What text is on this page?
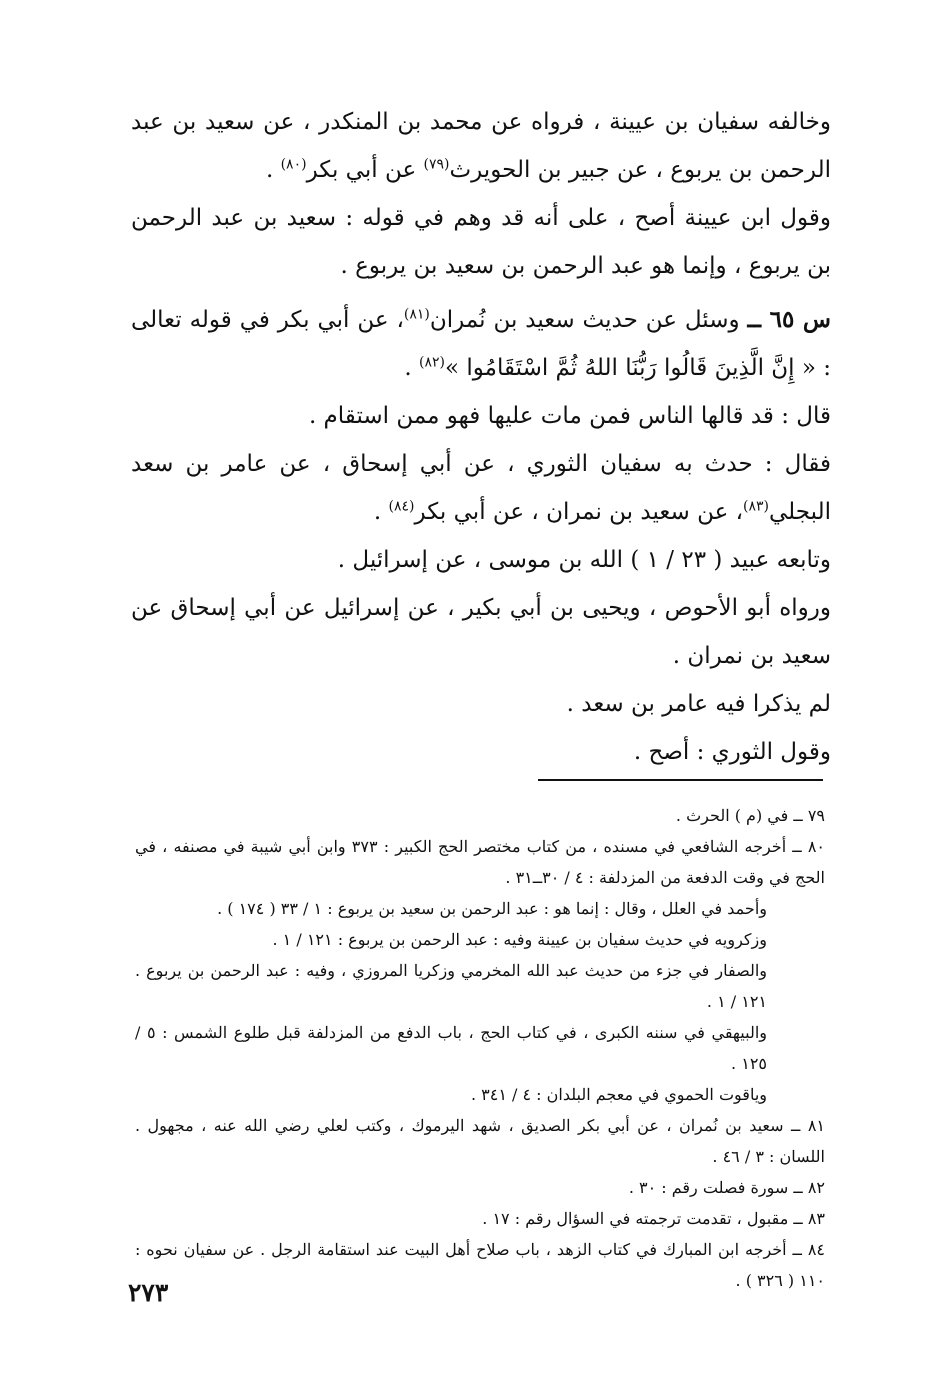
وخالفه سفيان بن عيينة ، فرواه عن محمد بن المنكدر ، عن سعيد بن عبد الرحمن بن يربوع ، عن جبير بن الحويرث$^{(٧٩)}$ عن أبي بكر$^{(٨٠)}$ .

وقول ابن عيينة أصح ، على أنه قد وهم في قوله : سعيد بن عبد الرحمن بن يربوع ، وإنما هو عبد الرحمن بن سعيد بن يربوع .

س ٦٥ ــ وسئل عن حديث سعيد بن نُمران$^{(٨١)}$، عن أبي بكر في قوله تعالى : « إِنَّ الَّذِينَ قَالُوا رَبُّنَا اللهُ ثُمَّ اسْتَقَامُوا »$^{(٨٢)}$ .

قال : قد قالها الناس فمن مات عليها فهو ممن استقام .

فقال : حدث به سفيان الثوري ، عن أبي إسحاق ، عن عامر بن سعد البجلي$^{(٨٣)}$، عن سعيد بن نمران ، عن أبي بكر$^{(٨٤)}$ .

وتابعه عبيد ( ٢٣ / ١ ) الله بن موسى ، عن إسرائيل .

ورواه أبو الأحوص ، ويحيى بن أبي بكير ، عن إسرائيل عن أبي إسحاق عن سعيد بن نمران .

لم يذكرا فيه عامر بن سعد .

وقول الثوري : أصح .

٧٩ ــ في (م ) الحرث .

٨٠ ــ أخرجه الشافعي في مسنده ، من كتاب مختصر الحج الكبير : ٣٧٣ وابن أبي شيبة في مصنفه ، في الحج في وقت الدفعة من المزدلفة : ٤ / ٣٠ــ٣١ .

وأحمد في العلل ، وقال : إنما هو : عبد الرحمن بن سعيد بن يربوع : ١ / ٣٣ ( ١٧٤ ) .

وزكرويه في حديث سفيان بن عيينة وفيه : عبد الرحمن بن يربوع : ١٢١ / ١ .

والصفار في جزء من حديث عبد الله المخرمي وزكريا المروزي ، وفيه : عبد الرحمن بن يربوع . ١٢١ / ١ .

والبيهقي في سننه الكبرى ، في كتاب الحج ، باب الدفع من المزدلفة قبل طلوع الشمس : ٥ / ١٢٥ .

وياقوت الحموي في معجم البلدان : ٤ / ٣٤١ .

٨١ ــ سعيد بن نُمران ، عن أبي بكر الصديق ، شهد اليرموك ، وكتب لعلي رضي الله عنه ، مجهول . اللسان : ٣ / ٤٦ .

٨٢ ــ سورة فصلت رقم : ٣٠ .

٨٣ ــ مقبول ، تقدمت ترجمته في السؤال رقم : ١٧ .

٨٤ ــ أخرجه ابن المبارك في كتاب الزهد ، باب صلاح أهل البيت عند استقامة الرجل . عن سفيان نحوه : ١١٠ ( ٣٢٦ ) .

٢٧٣
